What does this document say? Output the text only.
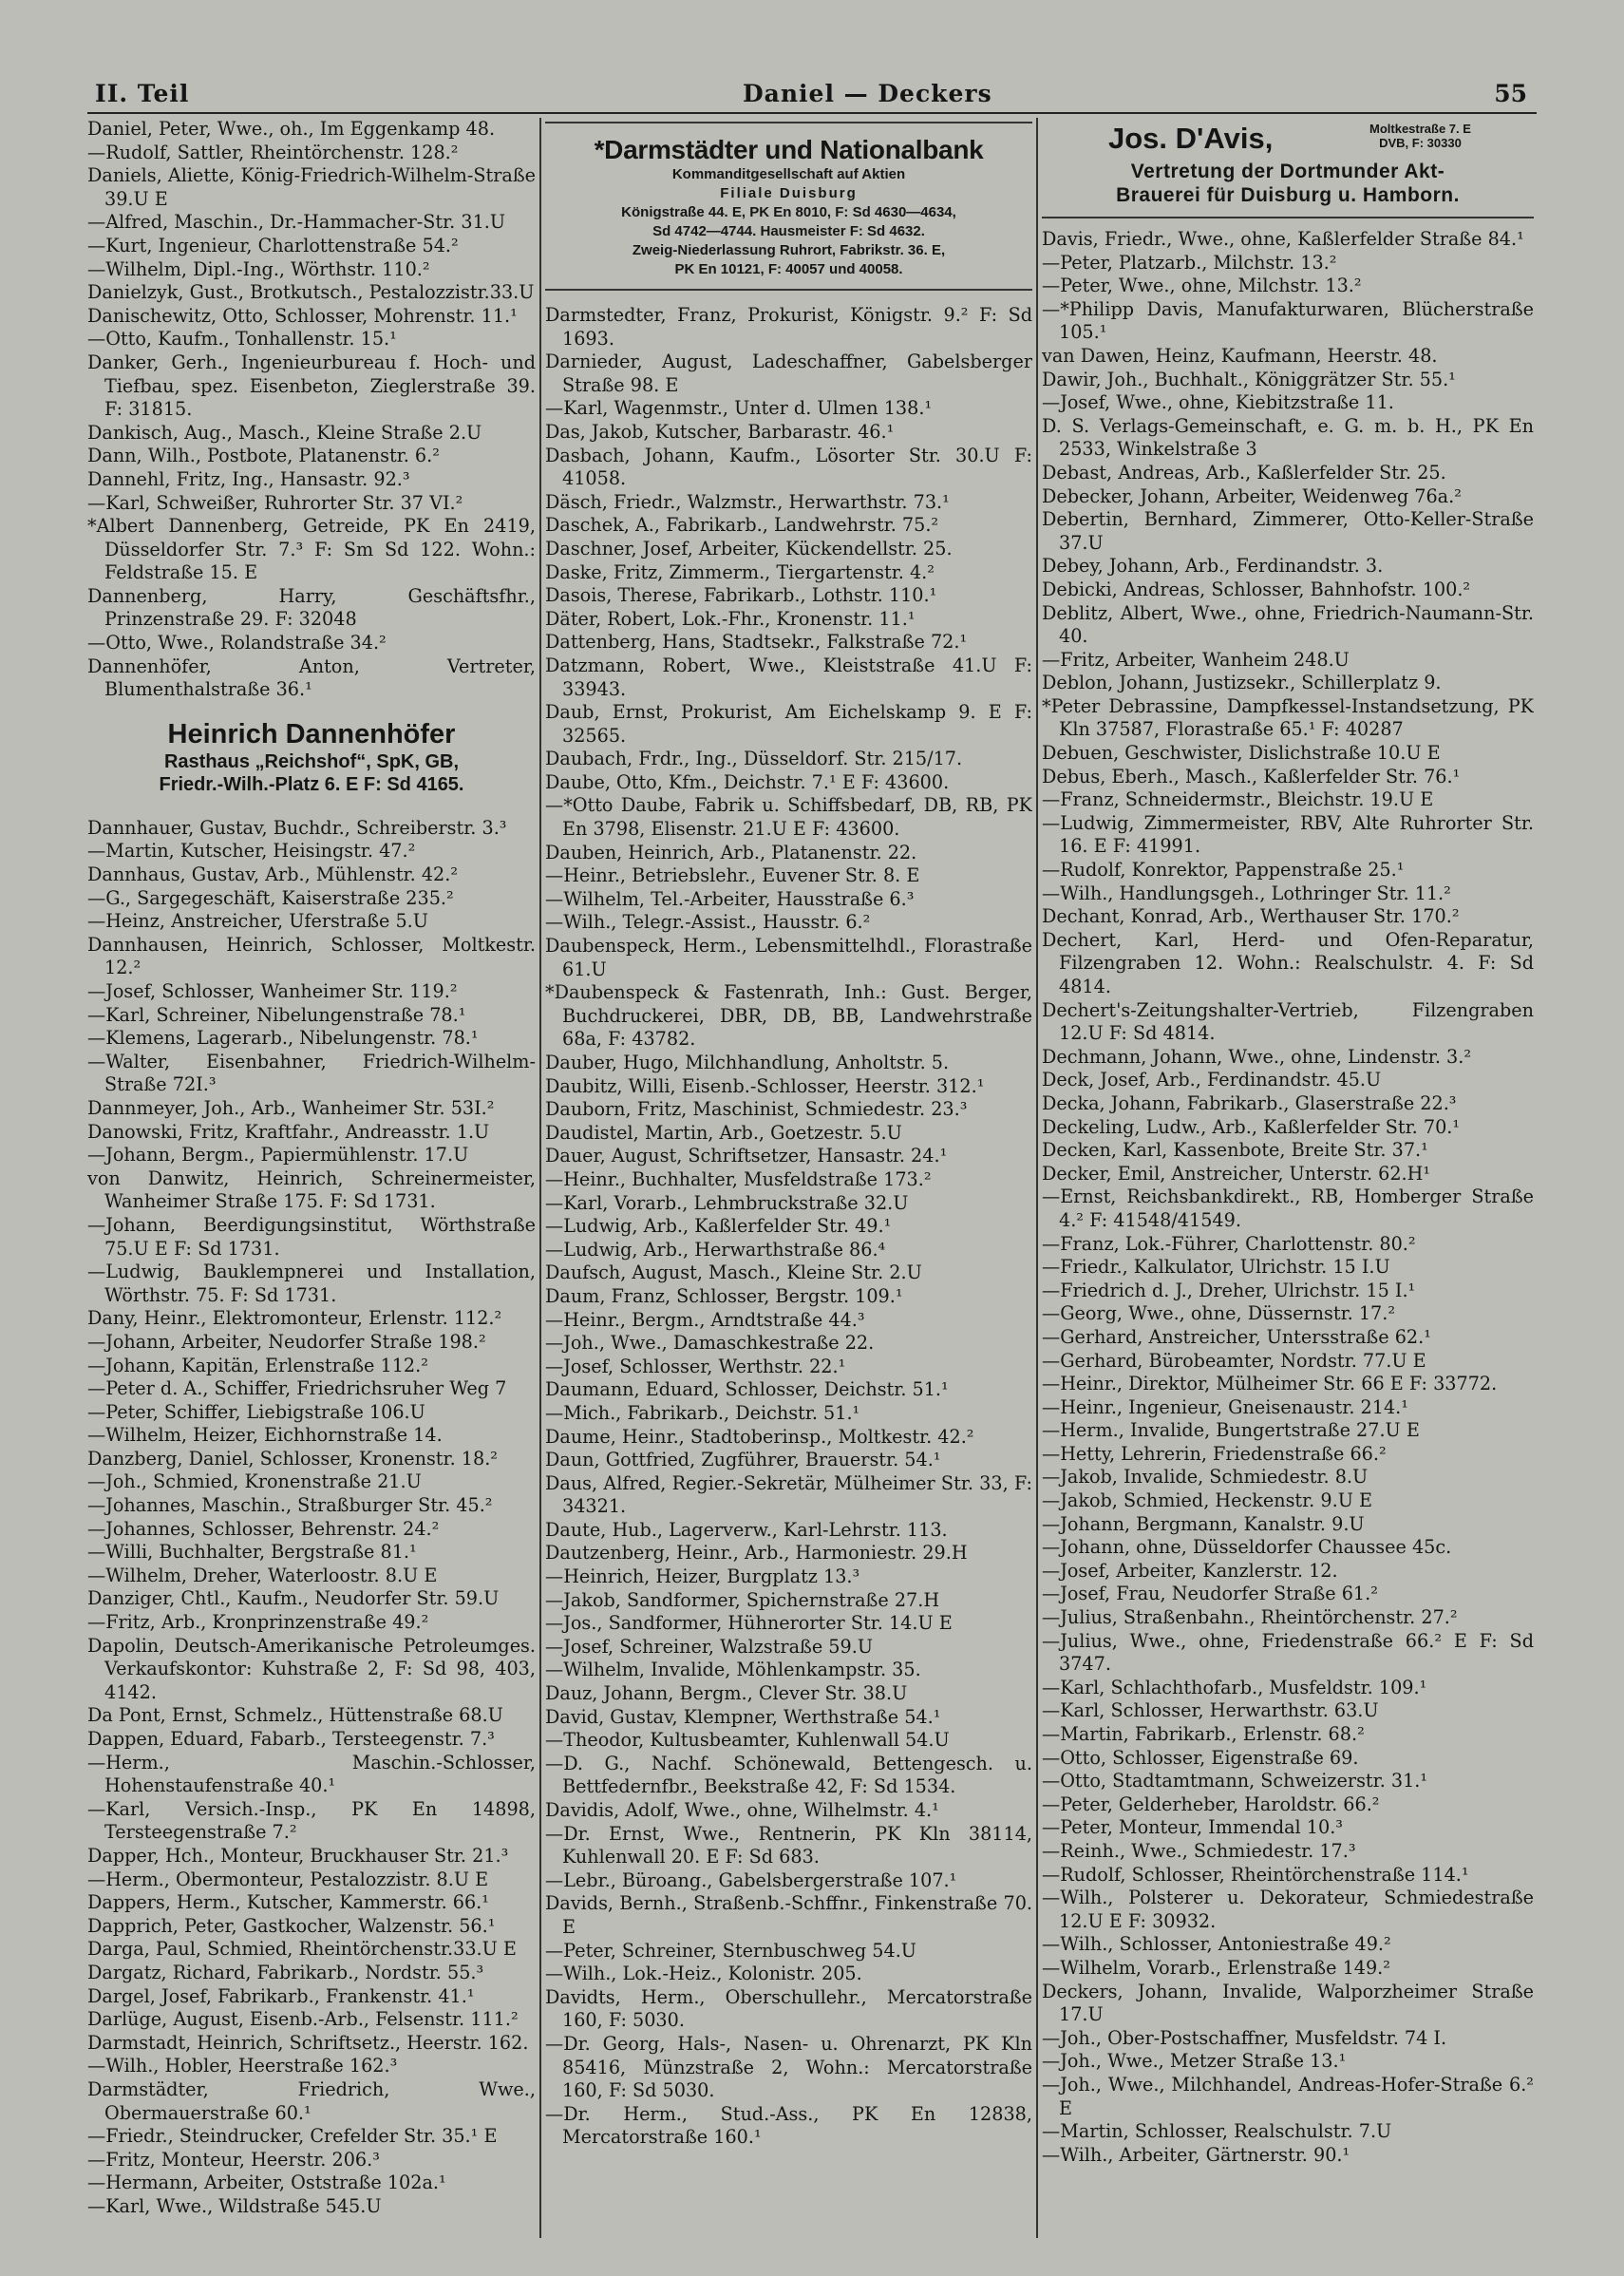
II. Teil	Daniel — Deckers	55
Daniel, Peter, Wwe., oh., Im Eggenkamp 48.
—Rudolf, Sattler, Rheintörchenstr. 128.²
Daniels, Aliette, König-Friedrich-Wilhelm-Straße 39.U E
—Alfred, Maschin., Dr.-Hammacher-Str. 31.U
—Kurt, Ingenieur, Charlottenstraße 54.²
—Wilhelm, Dipl.-Ing., Wörthstr. 110.²
Danielzyk, Gust., Brotkutsch., Pestalozzistr.33.U
Danischewitz, Otto, Schlosser, Mohrenstr. 11.¹
—Otto, Kaufm., Tonhallenstr. 15.¹
Danker, Gerh., Ingenieurbureau f. Hoch- und Tiefbau, spez. Eisenbeton, Zieglerstraße 39. F: 31815.
Dankisch, Aug., Masch., Kleine Straße 2.U
Dann, Wilh., Postbote, Platanenstr. 6.²
Dannehl, Fritz, Ing., Hansastr. 92.³
—Karl, Schweißer, Ruhrorter Str. 37 VI.²
*Albert Dannenberg, Getreide, PK En 2419, Düsseldorfer Str. 7.³ F: Sm Sd 122. Wohn.: Feldstraße 15. E
Dannenberg, Harry, Geschäftsfhr., Prinzenstraße 29. F: 32048
—Otto, Wwe., Rolandstraße 34.²
Dannenhöfer, Anton, Vertreter, Blumenthalstraße 36.¹
Heinrich Dannenhöfer
Rasthaus „Reichshof“, SpK, GB,
Friedr.-Wilh.-Platz 6. E F: Sd 4165.
Dannhauer, Gustav, Buchdr., Schreiberstr. 3.³
—Martin, Kutscher, Heisingstr. 47.²
Dannhaus, Gustav, Arb., Mühlenstr. 42.²
—G., Sargegeschäft, Kaiserstraße 235.²
—Heinz, Anstreicher, Uferstraße 5.U
Dannhausen, Heinrich, Schlosser, Moltkestr. 12.²
—Josef, Schlosser, Wanheimer Str. 119.²
—Karl, Schreiner, Nibelungenstraße 78.¹
—Klemens, Lagerarb., Nibelungenstr. 78.¹
—Walter, Eisenbahner, Friedrich-Wilhelm-Straße 72I.³
Dannmeyer, Joh., Arb., Wanheimer Str. 53I.²
Danowski, Fritz, Kraftfahr., Andreasstr. 1.U
—Johann, Bergm., Papiermühlenstr. 17.U
von Danwitz, Heinrich, Schreinermeister, Wanheimer Straße 175. F: Sd 1731.
—Johann, Beerdigungsinstitut, Wörthstraße 75.U E F: Sd 1731.
—Ludwig, Bauklempnerei und Installation, Wörthstr. 75. F: Sd 1731.
Dany, Heinr., Elektromonteur, Erlenstr. 112.²
—Johann, Arbeiter, Neudorfer Straße 198.²
—Johann, Kapitän, Erlenstraße 112.²
—Peter d. A., Schiffer, Friedrichsruher Weg 7
—Peter, Schiffer, Liebigstraße 106.U
—Wilhelm, Heizer, Eichhornstraße 14.
Danzberg, Daniel, Schlosser, Kronenstr. 18.²
—Joh., Schmied, Kronenstraße 21.U
—Johannes, Maschin., Straßburger Str. 45.²
—Johannes, Schlosser, Behrenstr. 24.²
—Willi, Buchhalter, Bergstraße 81.¹
—Wilhelm, Dreher, Waterloostr. 8.U E
Danziger, Chtl., Kaufm., Neudorfer Str. 59.U
—Fritz, Arb., Kronprinzenstraße 49.²
Dapolin, Deutsch-Amerikanische Petroleumges. Verkaufskontor: Kuhstraße 2, F: Sd 98, 403, 4142.
Da Pont, Ernst, Schmelz., Hüttenstraße 68.U
Dappen, Eduard, Fabarb., Tersteegenstr. 7.³
—Herm., Maschin.-Schlosser, Hohenstaufenstraße 40.¹
—Karl, Versich.-Insp., PK En 14898, Tersteegenstraße 7.²
Dapper, Hch., Monteur, Bruckhauser Str. 21.³
—Herm., Obermonteur, Pestalozzistr. 8.U E
Dappers, Herm., Kutscher, Kammerstr. 66.¹
Dapprich, Peter, Gastkocher, Walzenstr. 56.¹
Darga, Paul, Schmied, Rheintörchenstr.33.U E
Dargatz, Richard, Fabrikarb., Nordstr. 55.³
Dargel, Josef, Fabrikarb., Frankenstr. 41.¹
Darlüge, August, Eisenb.-Arb., Felsenstr. 111.²
Darmstadt, Heinrich, Schriftsetz., Heerstr. 162.
—Wilh., Hobler, Heerstraße 162.³
Darmstädter, Friedrich, Wwe., Obermauerstraße 60.¹
—Friedr., Steindrucker, Crefelder Str. 35.¹ E
—Fritz, Monteur, Heerstr. 206.³
—Hermann, Arbeiter, Oststraße 102a.¹
—Karl, Wwe., Wildstraße 545.U
*Darmstädter und Nationalbank
Kommanditgesellschaft auf Aktien
Filiale Duisburg
Königstraße 44. E, PK En 8010, F: Sd 4630—4634,
Sd 4742—4744. Hausmeister F: Sd 4632.
Zweig-Niederlassung Ruhrort, Fabrikstr. 36. E,
PK En 10121, F: 40057 und 40058.
Darmstedter, Franz, Prokurist, Königstr. 9.² F: Sd 1693.
Darnieder, August, Ladeschaffner, Gabelsberger Straße 98. E
—Karl, Wagenmstr., Unter d. Ulmen 138.¹
Das, Jakob, Kutscher, Barbarastr. 46.¹
Dasbach, Johann, Kaufm., Lösorter Str. 30.U F: 41058.
Däsch, Friedr., Walzmstr., Herwarthstr. 73.¹
Daschek, A., Fabrikarb., Landwehrstr. 75.²
Daschner, Josef, Arbeiter, Kückendellstr. 25.
Daske, Fritz, Zimmerm., Tiergartenstr. 4.²
Dasois, Therese, Fabrikarb., Lothstr. 110.¹
Däter, Robert, Lok.-Fhr., Kronenstr. 11.¹
Dattenberg, Hans, Stadtsekr., Falkstraße 72.¹
Datzmann, Robert, Wwe., Kleiststraße 41.U F: 33943.
Daub, Ernst, Prokurist, Am Eichelskamp 9. E F: 32565.
Daubach, Frdr., Ing., Düsseldorf. Str. 215/17.
Daube, Otto, Kfm., Deichstr. 7.¹ E F: 43600.
—*Otto Daube, Fabrik u. Schiffsbedarf, DB, RB, PK En 3798, Elisenstr. 21.U E F: 43600.
Dauben, Heinrich, Arb., Platanenstr. 22.
—Heinr., Betriebslehr., Euvener Str. 8. E
—Wilhelm, Tel.-Arbeiter, Hausstraße 6.³
—Wilh., Telegr.-Assist., Hausstr. 6.²
Daubenspeck, Herm., Lebensmittelhdl., Florastraße 61.U
*Daubenspeck & Fastenrath, Inh.: Gust. Berger, Buchdruckerei, DBR, DB, BB, Landwehrstraße 68a, F: 43782.
Dauber, Hugo, Milchhandlung, Anholtstr. 5.
Daubitz, Willi, Eisenb.-Schlosser, Heerstr. 312.¹
Dauborn, Fritz, Maschinist, Schmiedestr. 23.³
Daudistel, Martin, Arb., Goetzestr. 5.U
Dauer, August, Schriftsetzer, Hansastr. 24.¹
—Heinr., Buchhalter, Musfeldstraße 173.²
—Karl, Vorarb., Lehmbruckstraße 32.U
—Ludwig, Arb., Kaßlerfelder Str. 49.¹
—Ludwig, Arb., Herwarthstraße 86.⁴
Daufsch, August, Masch., Kleine Str. 2.U
Daum, Franz, Schlosser, Bergstr. 109.¹
—Heinr., Bergm., Arndtstraße 44.³
—Joh., Wwe., Damaschkestraße 22.
—Josef, Schlosser, Werthstr. 22.¹
Daumann, Eduard, Schlosser, Deichstr. 51.¹
—Mich., Fabrikarb., Deichstr. 51.¹
Daume, Heinr., Stadtoberinsp., Moltkestr. 42.²
Daun, Gottfried, Zugführer, Brauerstr. 54.¹
Daus, Alfred, Regier.-Sekretär, Mülheimer Str. 33, F: 34321.
Daute, Hub., Lagerverw., Karl-Lehrstr. 113.
Dautzenberg, Heinr., Arb., Harmoniestr. 29.H
—Heinrich, Heizer, Burgplatz 13.³
—Jakob, Sandformer, Spichernstraße 27.H
—Jos., Sandformer, Hühnerorter Str. 14.U E
—Josef, Schreiner, Walzstraße 59.U
—Wilhelm, Invalide, Möhlenkampstr. 35.
Dauz, Johann, Bergm., Clever Str. 38.U
David, Gustav, Klempner, Werthstraße 54.¹
—Theodor, Kultusbeamter, Kuhlenwall 54.U
—D. G., Nachf. Schönewald, Bettengesch. u. Bettfedernfbr., Beekstraße 42, F: Sd 1534.
Davidis, Adolf, Wwe., ohne, Wilhelmstr. 4.¹
—Dr. Ernst, Wwe., Rentnerin, PK Kln 38114, Kuhlenwall 20. E F: Sd 683.
—Lebr., Büroang., Gabelsbergerstraße 107.¹
Davids, Bernh., Straßenb.-Schffnr., Finkenstraße 70. E
—Peter, Schreiner, Sternbuschweg 54.U
—Wilh., Lok.-Heiz., Kolonistr. 205.
Davidts, Herm., Oberschullehr., Mercatorstraße 160, F: 5030.
—Dr. Georg, Hals-, Nasen- u. Ohrenarzt, PK Kln 85416, Münzstraße 2, Wohn.: Mercatorstraße 160, F: Sd 5030.
—Dr. Herm., Stud.-Ass., PK En 12838, Mercatorstraße 160.¹
Jos. D'Avis,	Moltkestraße 7. E
DVB, F: 30330
Vertretung der Dortmunder Akt-
Brauerei für Duisburg u. Hamborn.
Davis, Friedr., Wwe., ohne, Kaßlerfelder Straße 84.¹
—Peter, Platzarb., Milchstr. 13.²
—Peter, Wwe., ohne, Milchstr. 13.²
—*Philipp Davis, Manufakturwaren, Blücherstraße 105.¹
van Dawen, Heinz, Kaufmann, Heerstr. 48.
Dawir, Joh., Buchhalt., Königgrätzer Str. 55.¹
—Josef, Wwe., ohne, Kiebitzstraße 11.
D. S. Verlags-Gemeinschaft, e. G. m. b. H., PK En 2533, Winkelstraße 3
Debast, Andreas, Arb., Kaßlerfelder Str. 25.
Debecker, Johann, Arbeiter, Weidenweg 76a.²
Debertin, Bernhard, Zimmerer, Otto-Keller-Straße 37.U
Debey, Johann, Arb., Ferdinandstr. 3.
Debicki, Andreas, Schlosser, Bahnhofstr. 100.²
Deblitz, Albert, Wwe., ohne, Friedrich-Naumann-Str. 40.
—Fritz, Arbeiter, Wanheim 248.U
Deblon, Johann, Justizsekr., Schillerplatz 9.
*Peter Debrassine, Dampfkessel-Instandsetzung, PK Kln 37587, Florastraße 65.¹ F: 40287
Debuen, Geschwister, Dislichstraße 10.U E
Debus, Eberh., Masch., Kaßlerfelder Str. 76.¹
—Franz, Schneidermstr., Bleichstr. 19.U E
—Ludwig, Zimmermeister, RBV, Alte Ruhrorter Str. 16. E F: 41991.
—Rudolf, Konrektor, Pappenstraße 25.¹
—Wilh., Handlungsgeh., Lothringer Str. 11.²
Dechant, Konrad, Arb., Werthauser Str. 170.²
Dechert, Karl, Herd- und Ofen-Reparatur, Filzengraben 12. Wohn.: Realschulstr. 4. F: Sd 4814.
Dechert's-Zeitungshalter-Vertrieb, Filzengraben 12.U F: Sd 4814.
Dechmann, Johann, Wwe., ohne, Lindenstr. 3.²
Deck, Josef, Arb., Ferdinandstr. 45.U
Decka, Johann, Fabrikarb., Glaserstraße 22.³
Deckeling, Ludw., Arb., Kaßlerfelder Str. 70.¹
Decken, Karl, Kassenbote, Breite Str. 37.¹
Decker, Emil, Anstreicher, Unterstr. 62.H¹
—Ernst, Reichsbankdirekt., RB, Homberger Straße 4.² F: 41548/41549.
—Franz, Lok.-Führer, Charlottenstr. 80.²
—Friedr., Kalkulator, Ulrichstr. 15 I.U
—Friedrich d. J., Dreher, Ulrichstr. 15 I.¹
—Georg, Wwe., ohne, Düssernstr. 17.²
—Gerhard, Anstreicher, Untersstraße 62.¹
—Gerhard, Bürobeamter, Nordstr. 77.U E
—Heinr., Direktor, Mülheimer Str. 66 E F: 33772.
—Heinr., Ingenieur, Gneisenaustr. 214.¹
—Herm., Invalide, Bungertstraße 27.U E
—Hetty, Lehrerin, Friedenstraße 66.²
—Jakob, Invalide, Schmiedestr. 8.U
—Jakob, Schmied, Heckenstr. 9.U E
—Johann, Bergmann, Kanalstr. 9.U
—Johann, ohne, Düsseldorfer Chaussee 45c.
—Josef, Arbeiter, Kanzlerstr. 12.
—Josef, Frau, Neudorfer Straße 61.²
—Julius, Straßenbahn., Rheintörchenstr. 27.²
—Julius, Wwe., ohne, Friedenstraße 66.² E F: Sd 3747.
—Karl, Schlachthofarb., Musfeldstr. 109.¹
—Karl, Schlosser, Herwarthstr. 63.U
—Martin, Fabrikarb., Erlenstr. 68.²
—Otto, Schlosser, Eigenstraße 69.
—Otto, Stadtamtmann, Schweizerstr. 31.¹
—Peter, Gelderheber, Haroldstr. 66.²
—Peter, Monteur, Immendal 10.³
—Reinh., Wwe., Schmiedestr. 17.³
—Rudolf, Schlosser, Rheintörchenstraße 114.¹
—Wilh., Polsterer u. Dekorateur, Schmiedestraße 12.U E F: 30932.
—Wilh., Schlosser, Antoniestraße 49.²
—Wilhelm, Vorarb., Erlenstraße 149.²
Deckers, Johann, Invalide, Walporzheimer Straße 17.U
—Joh., Ober-Postschaffner, Musfeldstr. 74 I.
—Joh., Wwe., Metzer Straße 13.¹
—Joh., Wwe., Milchhandel, Andreas-Hofer-Straße 6.² E
—Martin, Schlosser, Realschulstr. 7.U
—Wilh., Arbeiter, Gärtnerstr. 90.¹
